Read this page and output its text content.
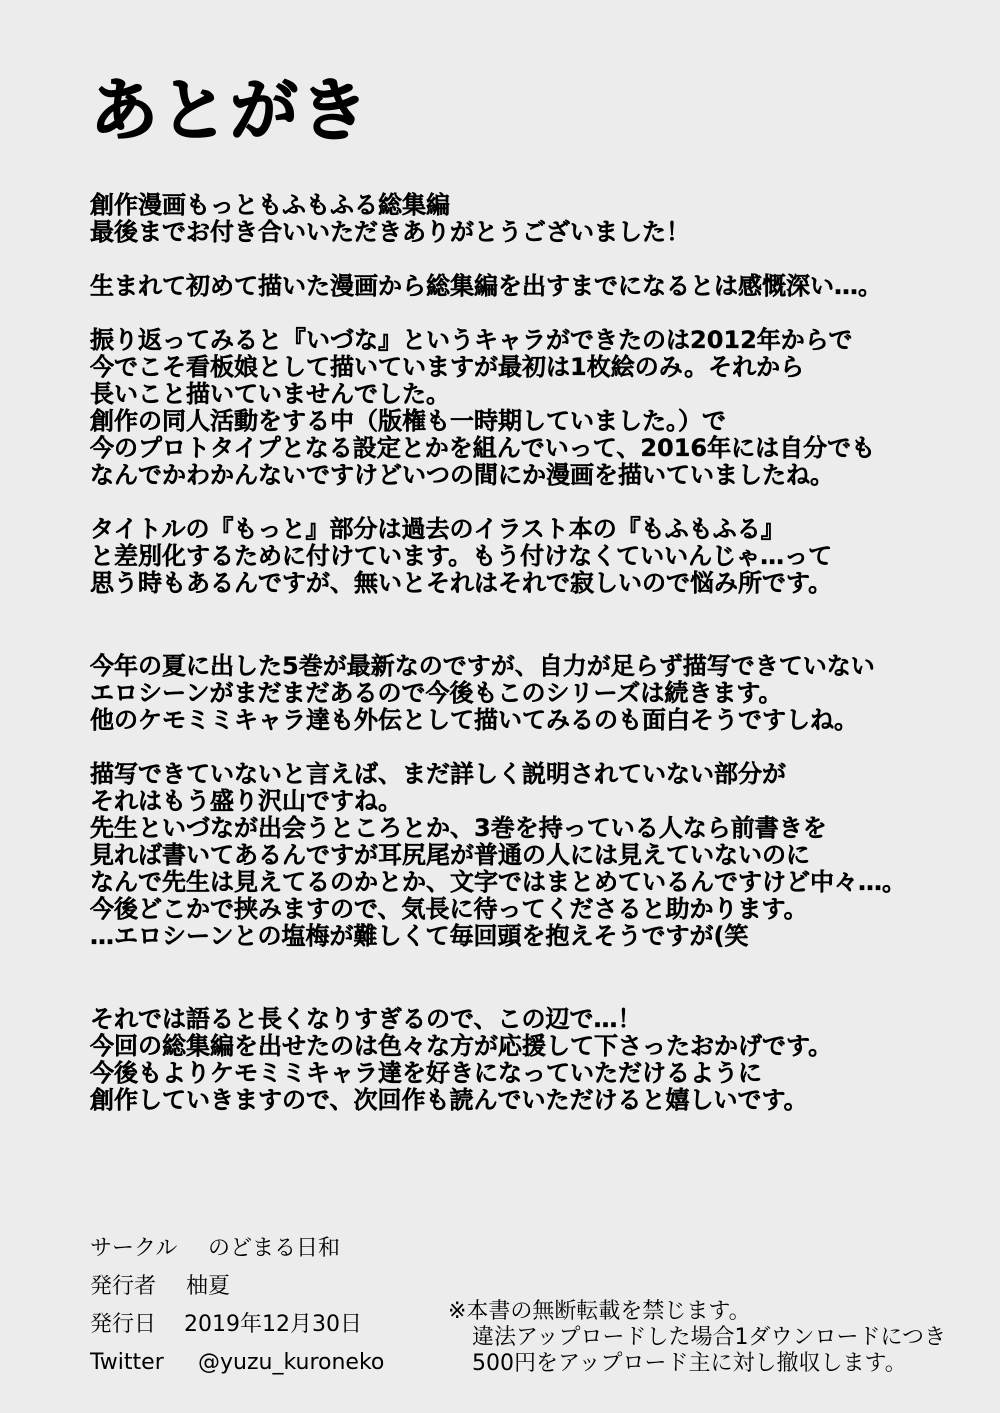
あとがき
創作漫画もっともふもふる総集編
最後までお付き合いいただきありがとうございました！
生まれて初めて描いた漫画から総集編を出すまでになるとは感慨深い…。
振り返ってみると『いづな』というキャラができたのは2012年からで
今でこそ看板娘として描いていますが最初は1枚絵のみ。それから
長いこと描いていませんでした。
創作の同人活動をする中（版権も一時期していました。）で
今のプロトタイプとなる設定とかを組んでいって、2016年には自分でも
なんでかわかんないですけどいつの間にか漫画を描いていましたね。
タイトルの『もっと』部分は過去のイラスト本の『もふもふる』
と差別化するために付けています。もう付けなくていいんじゃ…って
思う時もあるんですが、無いとそれはそれで寂しいので悩み所です。
今年の夏に出した5巻が最新なのですが、自力が足らず描写できていない
エロシーンがまだまだあるので今後もこのシリーズは続きます。
他のケモミミキャラ達も外伝として描いてみるのも面白そうですしね。
描写できていないと言えば、まだ詳しく説明されていない部分が
それはもう盛り沢山ですね。
先生といづなが出会うところとか、3巻を持っている人なら前書きを
見れば書いてあるんですが耳尻尾が普通の人には見えていないのに
なんで先生は見えてるのかとか、文字ではまとめているんですけど中々…。
今後どこかで挟みますので、気長に待ってくださると助かります。
…エロシーンとの塩梅が難しくて毎回頭を抱えそうですが(笑
それでは語ると長くなりすぎるので、この辺で…！
今回の総集編を出せたのは色々な方が応援して下さったおかげです。
今後もよりケモミミキャラ達を好きになっていただけるように
創作していきますので、次回作も読んでいただけると嬉しいです。
サークル のどまる日和
発行者 柚夏
発行日 2019年12月30日
Twitter @yuzu_kuroneko
※本書の無断転載を禁じます。
違法アップロードした場合1ダウンロードにつき
500円をアップロード主に対し撤収します。
